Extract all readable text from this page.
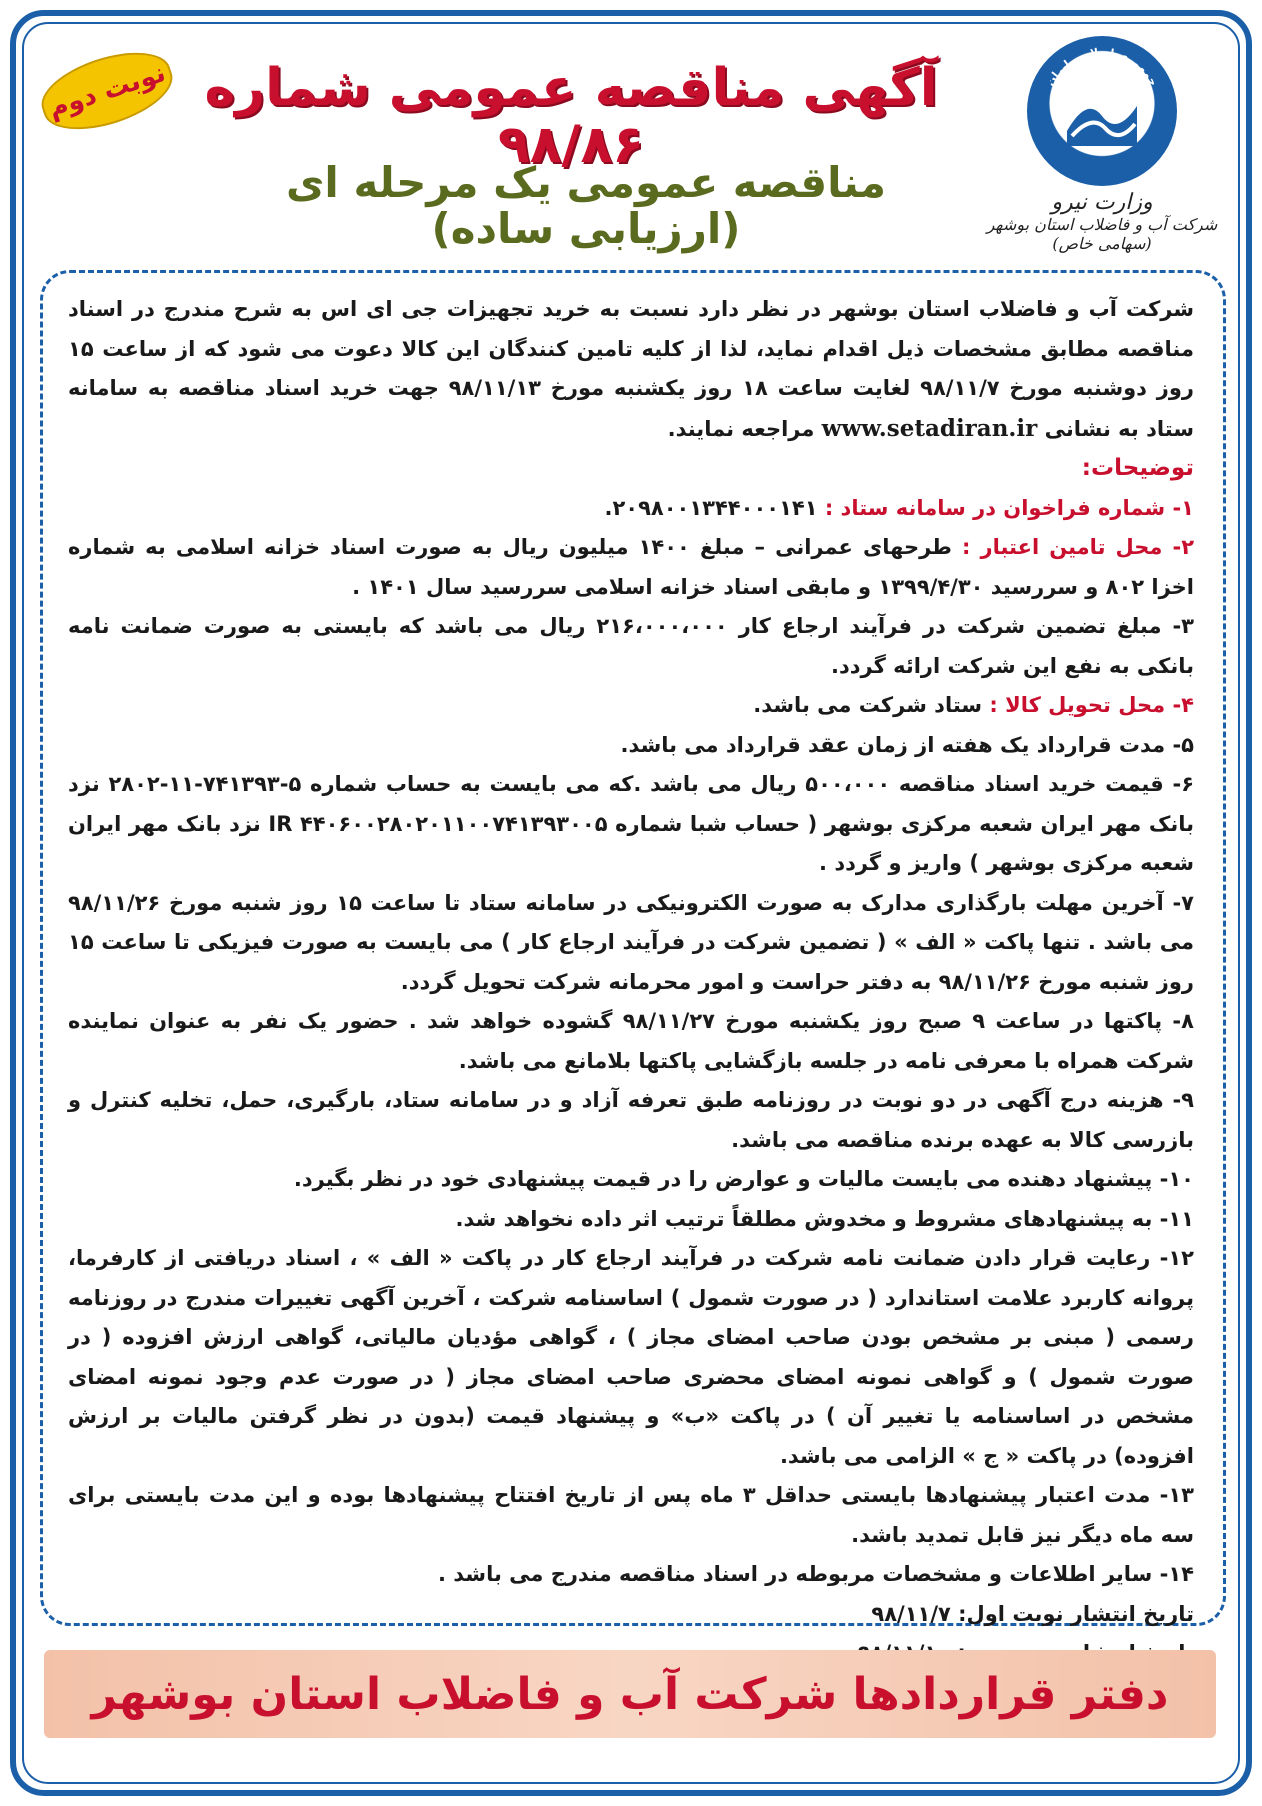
نوبت دوم آگهی مناقصه عمومی شماره ۹۸/۸۶
مناقصه عمومی یک مرحله ای (ارزیابی ساده)
جمهوری اسلامی ایران
وزارت نیرو
شرکت آب و فاضلاب استان بوشهر (سهامی خاص)

شرکت آب و فاضلاب استان بوشهر در نظر دارد نسبت به خرید تجهیزات جی ای اس به شرح مندرج در اسناد مناقصه مطابق مشخصات ذیل اقدام نماید، لذا از کلیه تامین کنندگان این کالا دعوت می شود که از ساعت ۱۵ روز دوشنبه مورخ ۹۸/۱۱/۷ لغایت ساعت ۱۸ روز یکشنبه مورخ ۹۸/۱۱/۱۳ جهت خرید اسناد مناقصه به سامانه ستاد به نشانی www.setadiran.ir مراجعه نمایند.

توضیحات:

۱- شماره فراخوان در سامانه ستاد : ۲۰۹۸۰۰۱۳۴۴۰۰۰۱۴۱.

۲- محل تامین اعتبار : طرحهای عمرانی – مبلغ ۱۴۰۰ میلیون ریال به صورت اسناد خزانه اسلامی به شماره اخزا ۸۰۲ و سررسید ۱۳۹۹/۴/۳۰ و مابقی اسناد خزانه اسلامی سررسید سال ۱۴۰۱ .

۳- مبلغ تضمین شرکت در فرآیند ارجاع کار ۲۱۶،۰۰۰،۰۰۰ ریال می باشد که بایستی به صورت ضمانت نامه بانکی به نفع این شرکت ارائه گردد.

۴- محل تحویل کالا : ستاد شرکت می باشد.

۵- مدت قرارداد یک هفته از زمان عقد قرارداد می باشد.

۶- قیمت خرید اسناد مناقصه ۵۰۰،۰۰۰ ریال می باشد .که می بایست به حساب شماره ۵-۷۴۱۳۹۳-۱۱-۲۸۰۲ نزد بانک مهر ایران شعبه مرکزی بوشهر ( حساب شبا شماره IR ۴۴۰۶۰۰۲۸۰۲۰۱۱۰۰۷۴۱۳۹۳۰۰۵ نزد بانک مهر ایران شعبه مرکزی بوشهر ) واریز و گردد .

۷- آخرین مهلت بارگذاری مدارک به صورت الکترونیکی در سامانه ستاد تا ساعت ۱۵ روز شنبه مورخ ۹۸/۱۱/۲۶ می باشد . تنها پاکت « الف » ( تضمین شرکت در فرآیند ارجاع کار ) می بایست به صورت فیزیکی تا ساعت ۱۵ روز شنبه مورخ ۹۸/۱۱/۲۶ به دفتر حراست و امور محرمانه شرکت تحویل گردد.

۸- پاکتها در ساعت ۹ صبح روز یکشنبه مورخ ۹۸/۱۱/۲۷ گشوده خواهد شد . حضور یک نفر به عنوان نماینده شرکت همراه با معرفی نامه در جلسه بازگشایی پاکتها بلامانع می باشد.

۹- هزینه درج آگهی در دو نوبت در روزنامه طبق تعرفه آزاد و در سامانه ستاد، بارگیری، حمل، تخلیه کنترل و بازرسی کالا به عهده برنده مناقصه می باشد.

۱۰- پیشنهاد دهنده می بایست مالیات و عوارض را در قیمت پیشنهادی خود در نظر بگیرد.

۱۱- به پیشنهادهای مشروط و مخدوش مطلقاً ترتیب اثر داده نخواهد شد.

۱۲- رعایت قرار دادن ضمانت نامه شرکت در فرآیند ارجاع کار در پاکت « الف » ، اسناد دریافتی از کارفرما، پروانه کاربرد علامت استاندارد ( در صورت شمول ) اساسنامه شرکت ، آخرین آگهی تغییرات مندرج در روزنامه رسمی ( مبنی بر مشخص بودن صاحب امضای مجاز ) ، گواهی مؤدیان مالیاتی، گواهی ارزش افزوده ( در صورت شمول ) و گواهی نمونه امضای محضری صاحب امضای مجاز ( در صورت عدم وجود نمونه امضای مشخص در اساسنامه یا تغییر آن ) در پاکت «ب» و پیشنهاد قیمت (بدون در نظر گرفتن مالیات بر ارزش افزوده) در پاکت « ج » الزامی می باشد.

۱۳- مدت اعتبار پیشنهادها بایستی حداقل ۳ ماه پس از تاریخ افتتاح پیشنهادها بوده و این مدت بایستی برای سه ماه دیگر نیز قابل تمدید باشد.

۱۴- سایر اطلاعات و مشخصات مربوطه در اسناد مناقصه مندرج می باشد .

تاریخ انتشار نوبت اول: ۹۸/۱۱/۷

دفتر قراردادها شرکت آب و فاضلاب استان بوشهر
